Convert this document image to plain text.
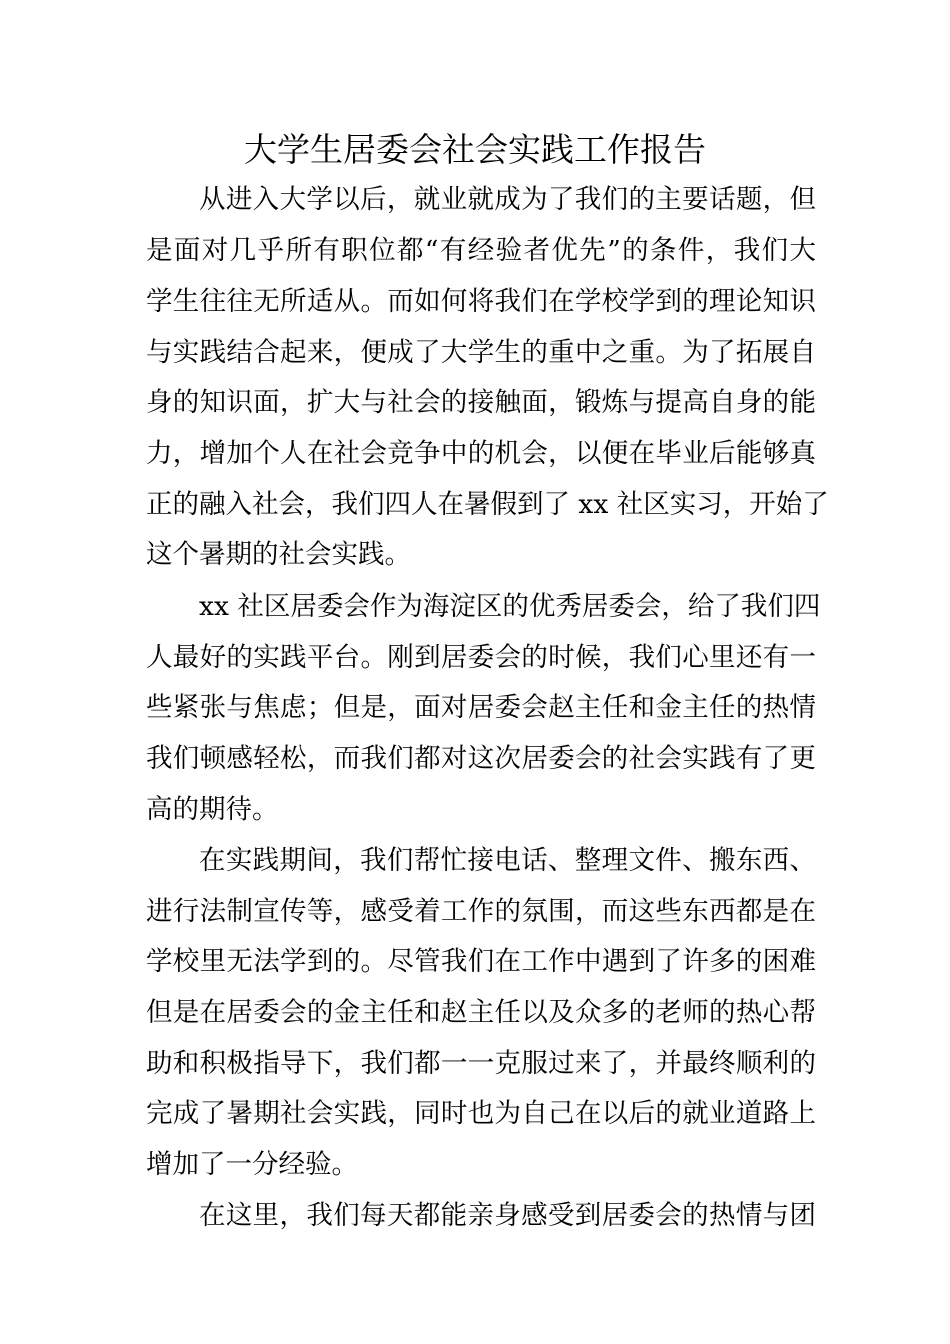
大学生居委会社会实践工作报告
从进入大学以后，就业就成为了我们的主要话题，但
是面对几乎所有职位都“有经验者优先”的条件，我们大
学生往往无所适从。而如何将我们在学校学到的理论知识
与实践结合起来，便成了大学生的重中之重。为了拓展自
身的知识面，扩大与社会的接触面，锻炼与提高自身的能
力，增加个人在社会竞争中的机会，以便在毕业后能够真
正的融入社会，我们四人在暑假到了 xx 社区实习，开始了
这个暑期的社会实践。
xx 社区居委会作为海淀区的优秀居委会，给了我们四
人最好的实践平台。刚到居委会的时候，我们心里还有一
些紧张与焦虑；但是，面对居委会赵主任和金主任的热情
我们顿感轻松，而我们都对这次居委会的社会实践有了更
高的期待。
在实践期间，我们帮忙接电话、整理文件、搬东西、
进行法制宣传等，感受着工作的氛围，而这些东西都是在
学校里无法学到的。尽管我们在工作中遇到了许多的困难
但是在居委会的金主任和赵主任以及众多的老师的热心帮
助和积极指导下，我们都一一克服过来了，并最终顺利的
完成了暑期社会实践，同时也为自己在以后的就业道路上
增加了一分经验。
在这里，我们每天都能亲身感受到居委会的热情与团
